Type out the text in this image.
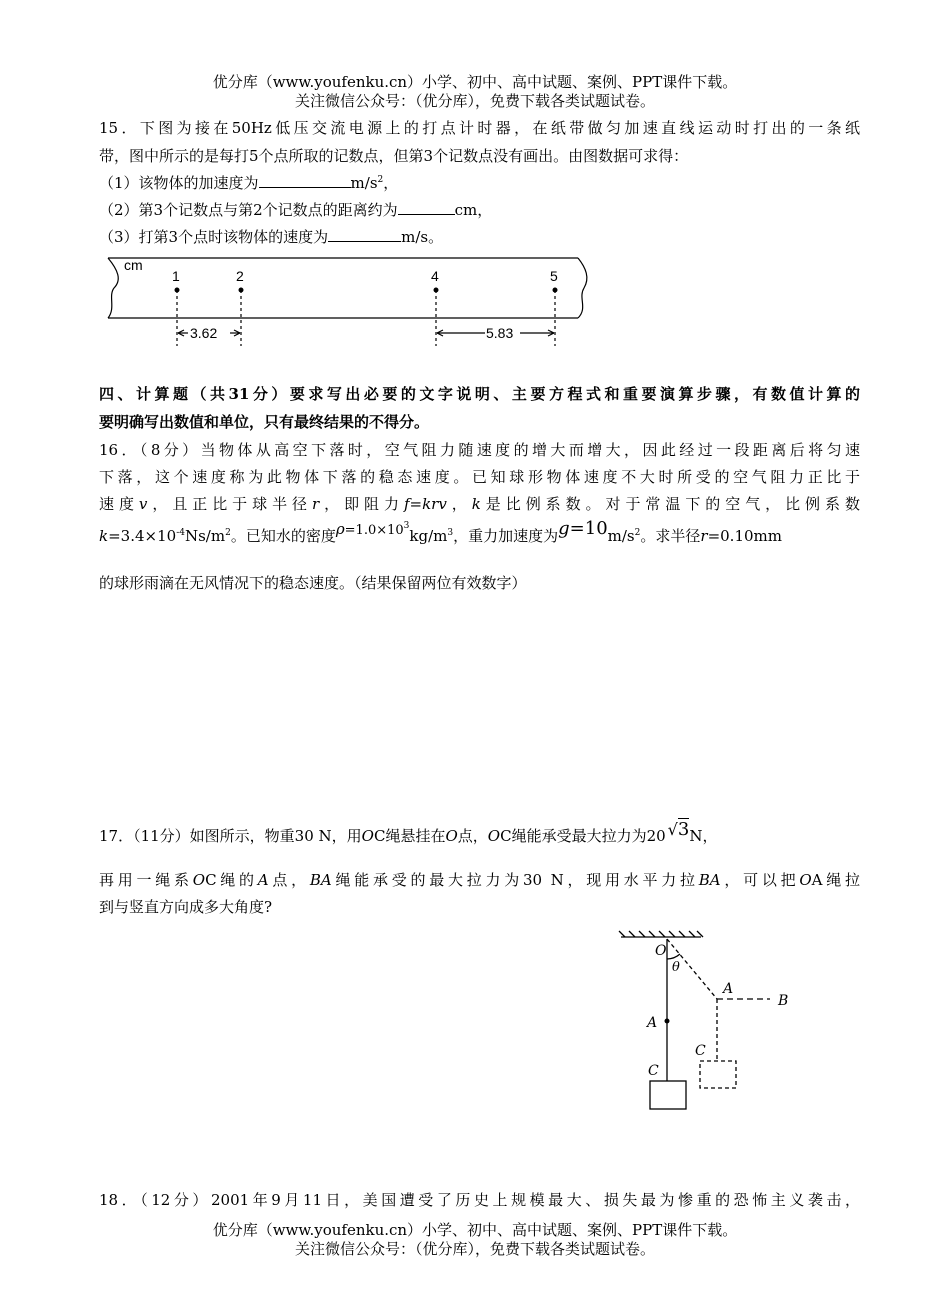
优分库（www.youfenku.cn）小学、初中、高中试题、案例、PPT课件下载。
关注微信公众号：（优分库），免费下载各类试题试卷。
15．下图为接在50Hz低压交流电源上的打点计时器，在纸带做匀加速直线运动时打出的一条纸
带，图中所示的是每打5个点所取的记数点，但第3个记数点没有画出。由图数据可求得：
（1）该物体的加速度为	$m/s^2$，
（2）第3个记数点与第2个记数点的距离约为	cm，
（3）打第3个点时该物体的速度为	m/s。
cm
1	2	4	5
3.62	5.83
四、计算题（共31分）要求写出必要的文字说明、主要方程式和重要演算步骤，有数值计算的
要明确写出数值和单位，只有最终结果的不得分。
16．（8分）当物体从高空下落时，空气阻力随速度的增大而增大，因此经过一段距离后将匀速
下落，这个速度称为此物体下落的稳态速度。已知球形物体速度不大时所受的空气阻力正比于
速度v，且正比于球半径r，即阻力f=krv，k是比例系数。对于常温下的空气，比例系数
$k=3.4\times 10^{-4}Ns/m^2$。已知水的密度$\rho=1.0\times 10^3kg/m^3$，重力加速度为$g=10m/s^2$。求半径r=0.10mm
的球形雨滴在无风情况下的稳态速度。（结果保留两位有效数字）
17．（11分）如图所示，物重30 N，用OC绳悬挂在O点，OC绳能承受最大拉力为20 √3N，
再用一绳系OC绳的A点，BA绳能承受的最大拉力为30 N，现用水平力拉BA，可以把OA绳拉
到与竖直方向成多大角度?
O
θ
A
B
A
C
C
18．（12分）2001年9月11日，美国遭受了历史上规模最大、损失最为惨重的恐怖主义袭击，
优分库（www.youfenku.cn）小学、初中、高中试题、案例、PPT课件下载。
关注微信公众号：（优分库），免费下载各类试题试卷。
